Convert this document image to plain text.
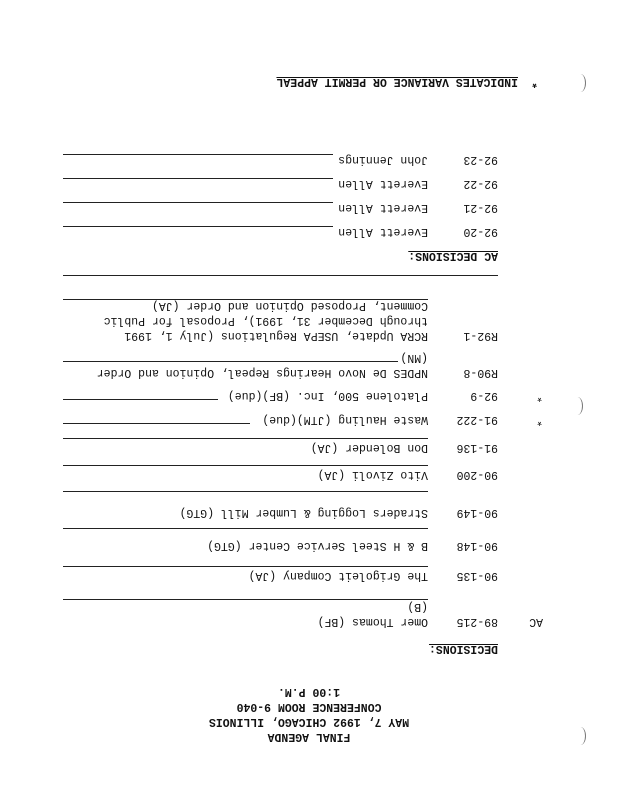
FINAL AGENDA
MAY 7, 1992 CHICAGO, ILLINOIS
CONFERENCE ROOM 9-040
1:00 P.M.
DECISIONS:
AC
89-215
Omer Thomas (BF)
(B)
90-135
The Grigoleit Company (JA)
90-148
B & H Steel Service Center (GTG)
90-149
Straders Logging & Lumber Mill (GTG)
90-200
Vito Zivoli (JA)
91-136
Don Bolender (JA)
*
91-222
Waste Hauling (JTM)(due)
*
92-9
Platolene 500, Inc. (BF)(due)
R90-8
NPDES De Novo Hearings Repeal, Opinion and Order
(MN)
R92-1
RCRA Update, USEPA Regulations (July 1, 1991
through December 31, 1991), Proposal for Public
Comment, Proposed Opinion and Order (JA)
AC DECISIONS:
92-20
Everett Allen
92-21
Everett Allen
92-22
Everett Allen
92-23
John Jennings
*
INDICATES VARIANCE OR PERMIT APPEAL
